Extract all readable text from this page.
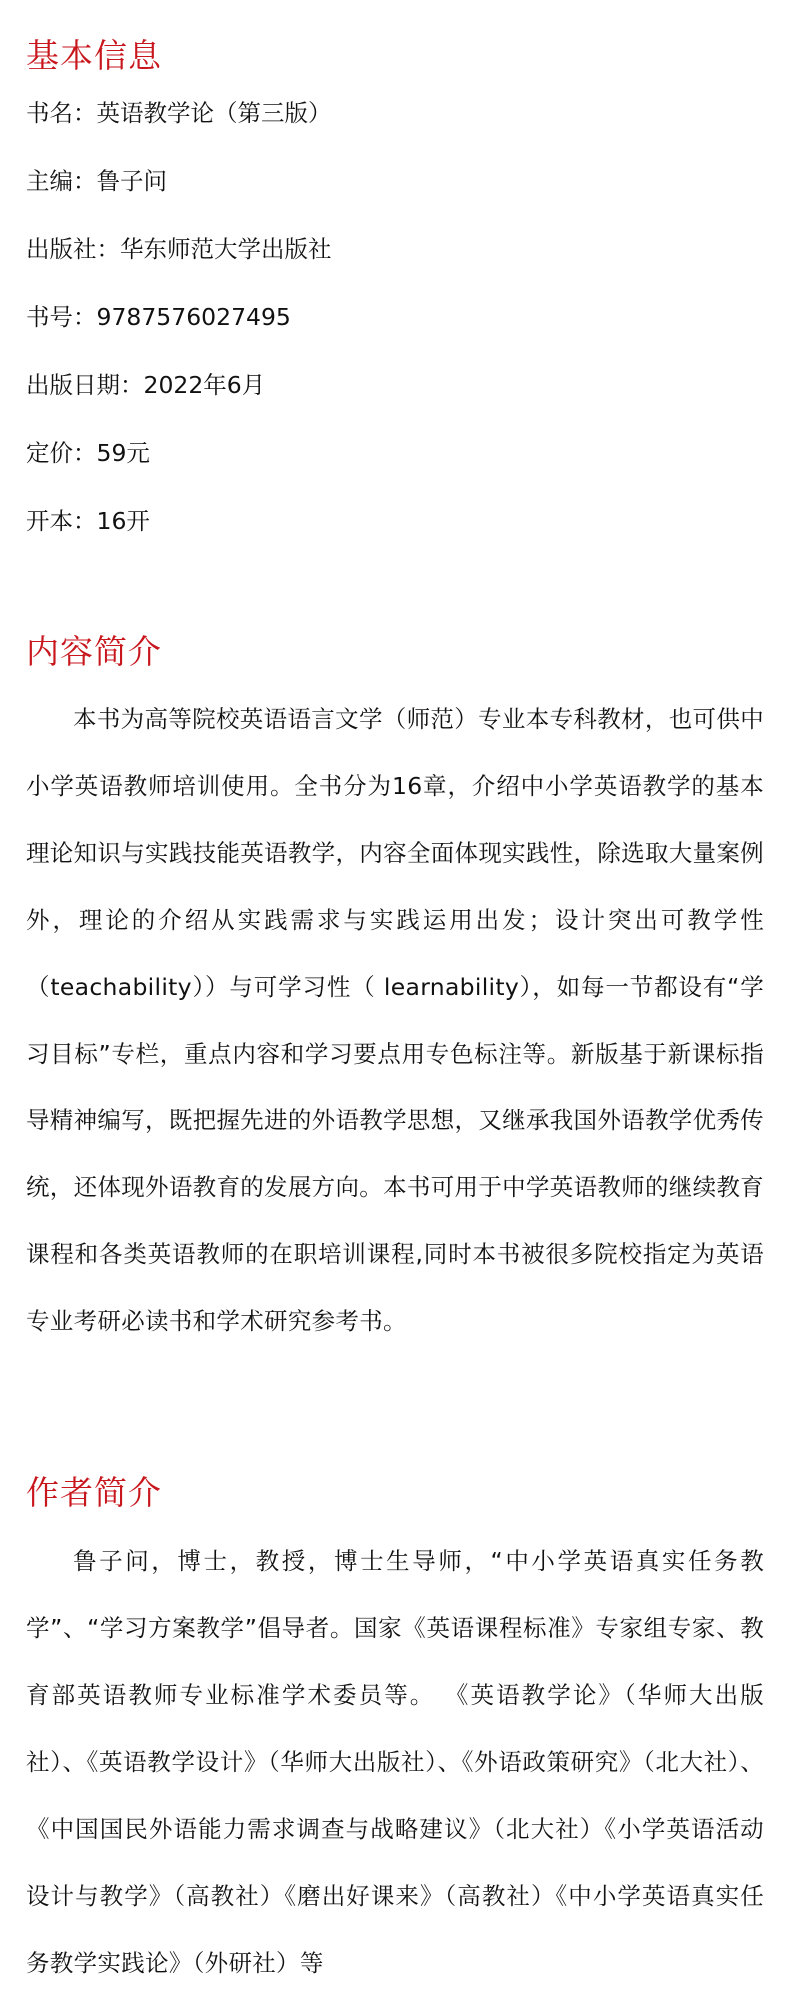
基本信息
书名：英语教学论（第三版）
主编：鲁子问
出版社：华东师范大学出版社
书号：9787576027495
出版日期：2022年6月
定价：59元
开本：16开
内容简介

本书为高等院校英语语言文学（师范）专业本专科教材，也可供中小学英语教师培训使用。全书分为16章，介绍中小学英语教学的基本理论知识与实践技能英语教学，内容全面体现实践性，除选取大量案例外，理论的介绍从实践需求与实践运用出发；设计突出可教学性（teachability））与可学习性（ learnability），如每一节都设有“学习目标”专栏，重点内容和学习要点用专色标注等。新版基于新课标指导精神编写，既把握先进的外语教学思想，又继承我国外语教学优秀传统，还体现外语教育的发展方向。本书可用于中学英语教师的继续教育课程和各类英语教师的在职培训课程,同时本书被很多院校指定为英语专业考研必读书和学术研究参考书。

作者简介

鲁子问，博士，教授，博士生导师，“中小学英语真实任务教学”、“学习方案教学”倡导者。国家《英语课程标准》专家组专家、教育部英语教师专业标准学术委员等。 《英语教学论》（华师大出版社）、《英语教学设计》（华师大出版社）、《外语政策研究》（北大社）、《中国国民外语能力需求调查与战略建议》（北大社）《小学英语活动设计与教学》（高教社）《磨出好课来》（高教社）《中小学英语真实任务教学实践论》（外研社）等
